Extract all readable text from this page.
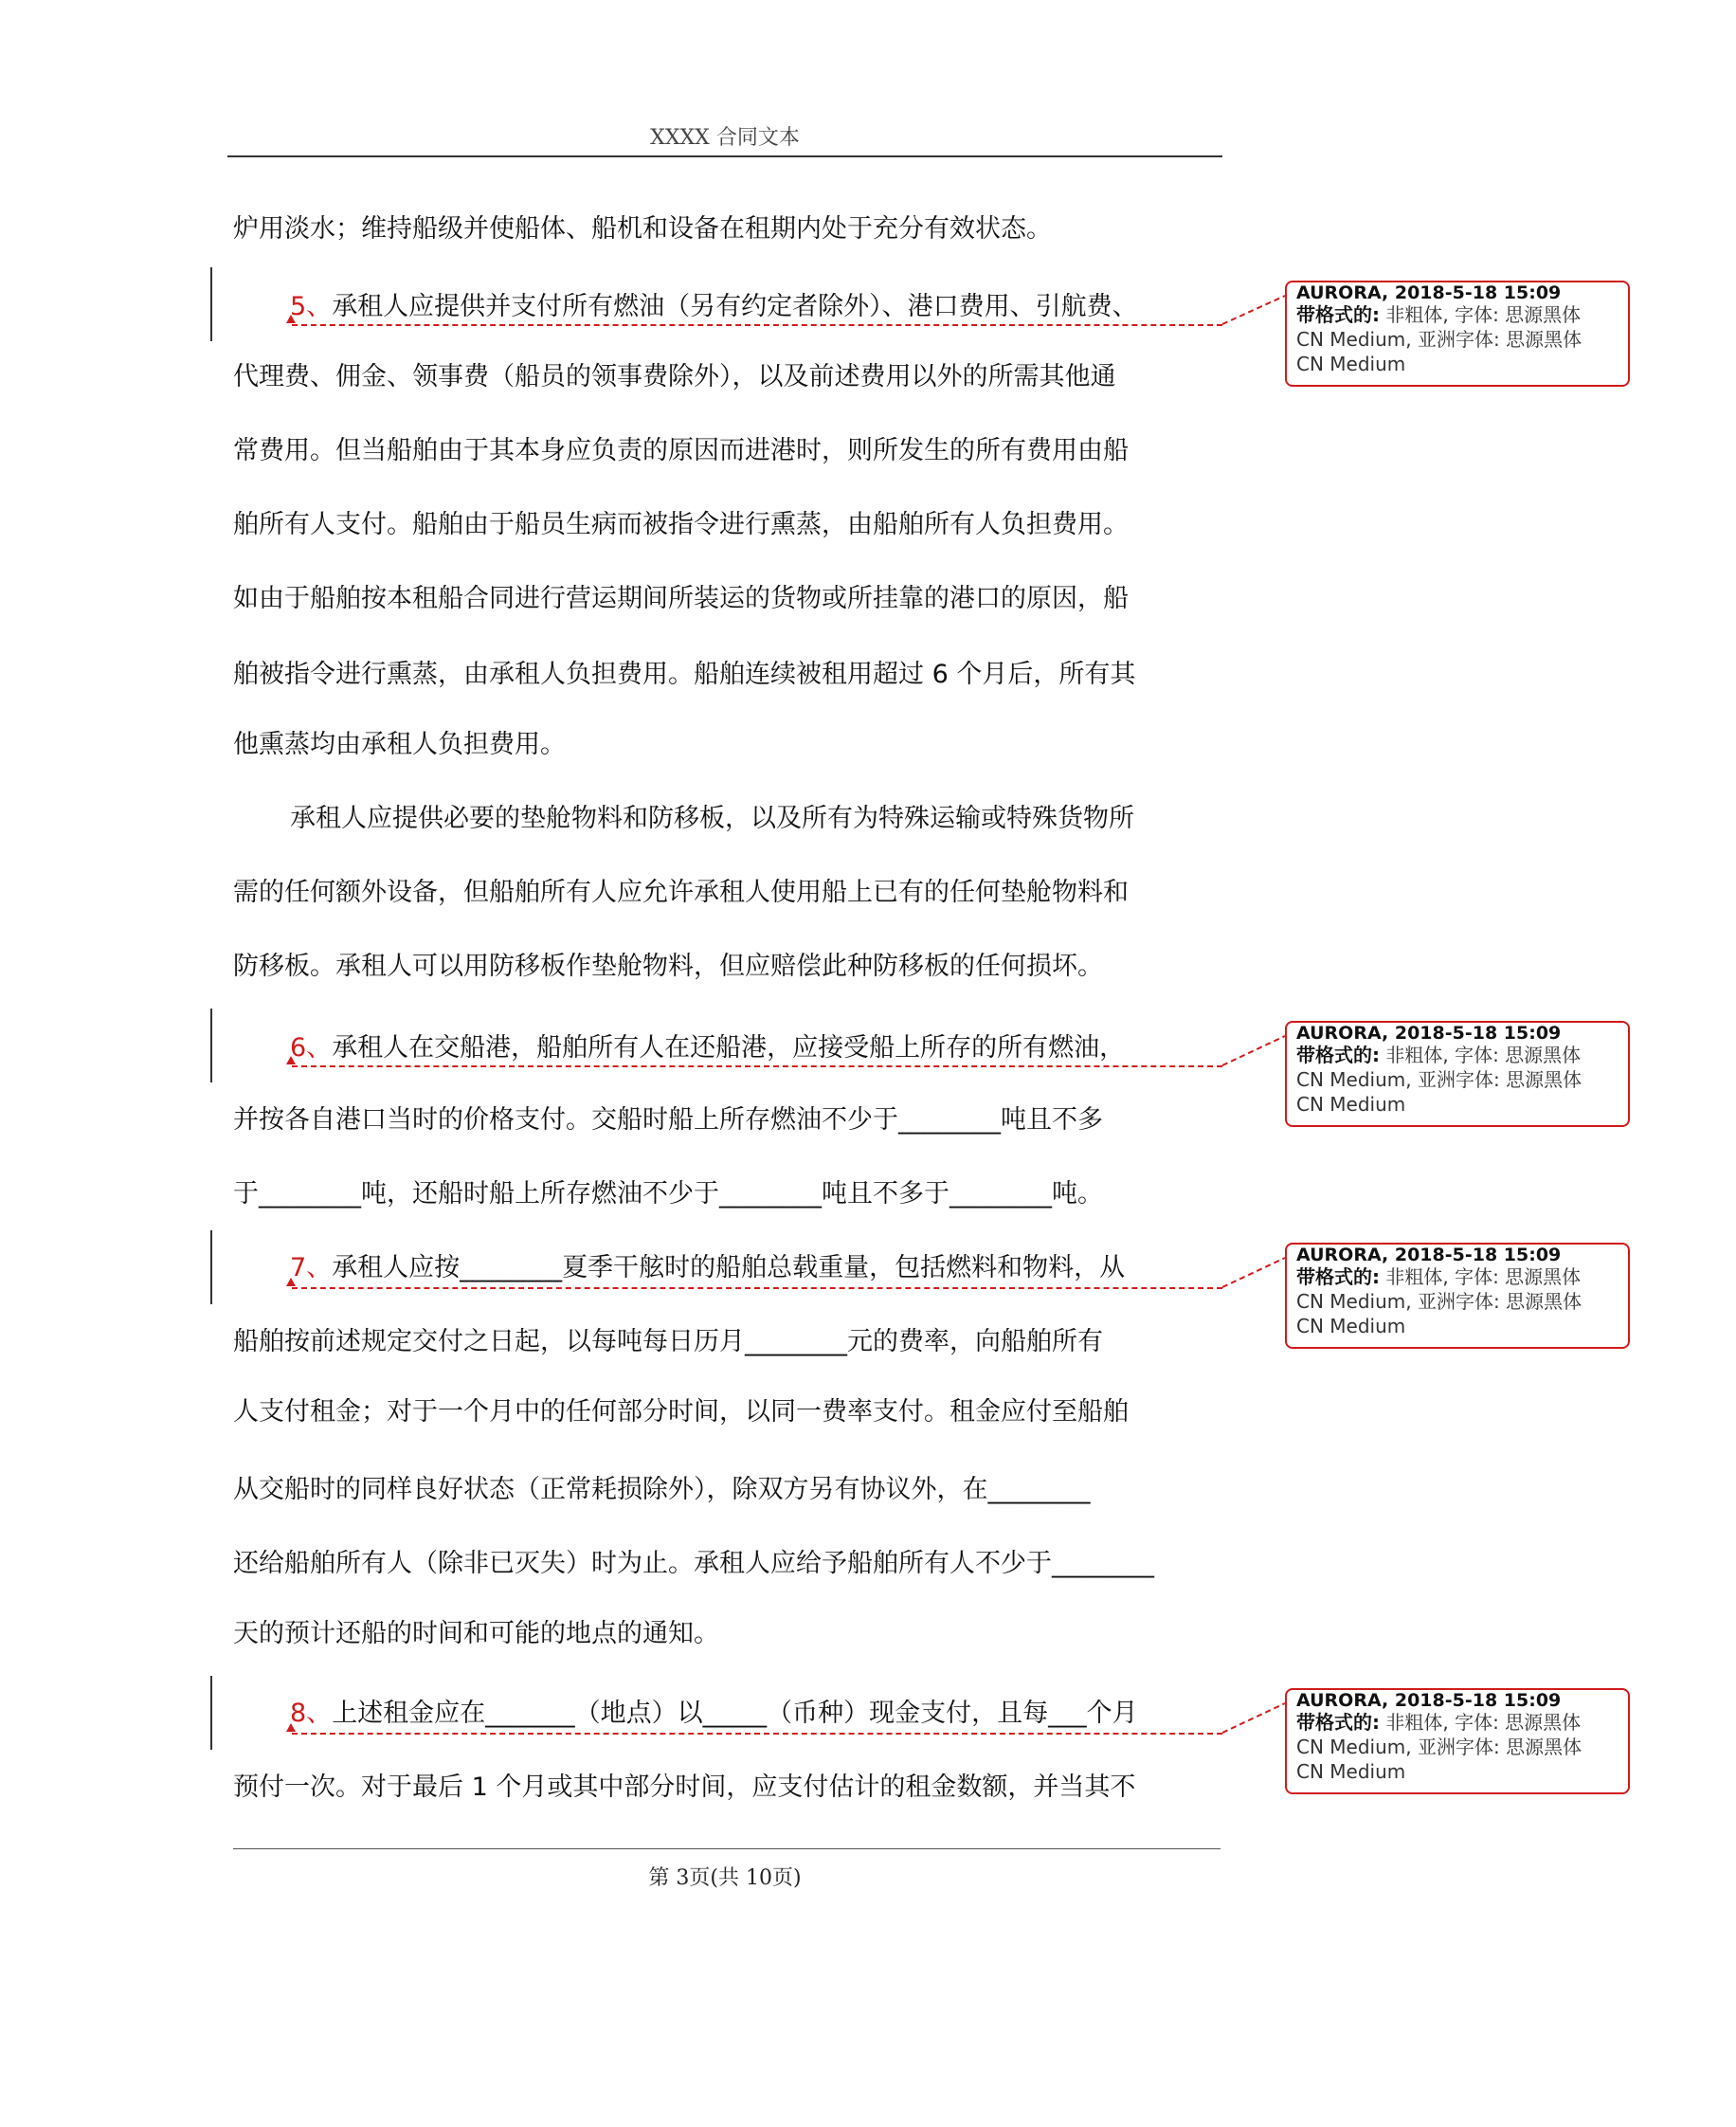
XXXX 合同文本
炉用淡水；维持船级并使船体、船机和设备在租期内处于充分有效状态。
5、承租人应提供并支付所有燃油（另有约定者除外）、港口费用、引航费、
代理费、佣金、领事费（船员的领事费除外），以及前述费用以外的所需其他通
常费用。但当船舶由于其本身应负责的原因而进港时，则所发生的所有费用由船
舶所有人支付。船舶由于船员生病而被指令进行熏蒸，由船舶所有人负担费用。
如由于船舶按本租船合同进行营运期间所装运的货物或所挂靠的港口的原因，船
舶被指令进行熏蒸，由承租人负担费用。船舶连续被租用超过 6 个月后，所有其
他熏蒸均由承租人负担费用。
承租人应提供必要的垫舱物料和防移板，以及所有为特殊运输或特殊货物所
需的任何额外设备，但船舶所有人应允许承租人使用船上已有的任何垫舱物料和
防移板。承租人可以用防移板作垫舱物料，但应赔偿此种防移板的任何损坏。
6、承租人在交船港，船舶所有人在还船港，应接受船上所存的所有燃油，
并按各自港口当时的价格支付。交船时船上所存燃油不少于________吨且不多
于________吨，还船时船上所存燃油不少于________吨且不多于________吨。
7、承租人应按________夏季干舷时的船舶总载重量，包括燃料和物料，从
船舶按前述规定交付之日起，以每吨每日历月________元的费率，向船舶所有
人支付租金；对于一个月中的任何部分时间，以同一费率支付。租金应付至船舶
从交船时的同样良好状态（正常耗损除外），除双方另有协议外，在________
还给船舶所有人（除非已灭失）时为止。承租人应给予船舶所有人不少于________
天的预计还船的时间和可能的地点的通知。
8、上述租金应在_______（地点）以_____（币种）现金支付，且每___个月
预付一次。对于最后 1 个月或其中部分时间，应支付估计的租金数额，并当其不
第 3页(共 10页)
AURORA, 2018-5-18 15:09
带格式的: 非粗体, 字体: 思源黑体
CN Medium, 亚洲字体: 思源黑体
CN Medium
AURORA, 2018-5-18 15:09
带格式的: 非粗体, 字体: 思源黑体
CN Medium, 亚洲字体: 思源黑体
CN Medium
AURORA, 2018-5-18 15:09
带格式的: 非粗体, 字体: 思源黑体
CN Medium, 亚洲字体: 思源黑体
CN Medium
AURORA, 2018-5-18 15:09
带格式的: 非粗体, 字体: 思源黑体
CN Medium, 亚洲字体: 思源黑体
CN Medium
